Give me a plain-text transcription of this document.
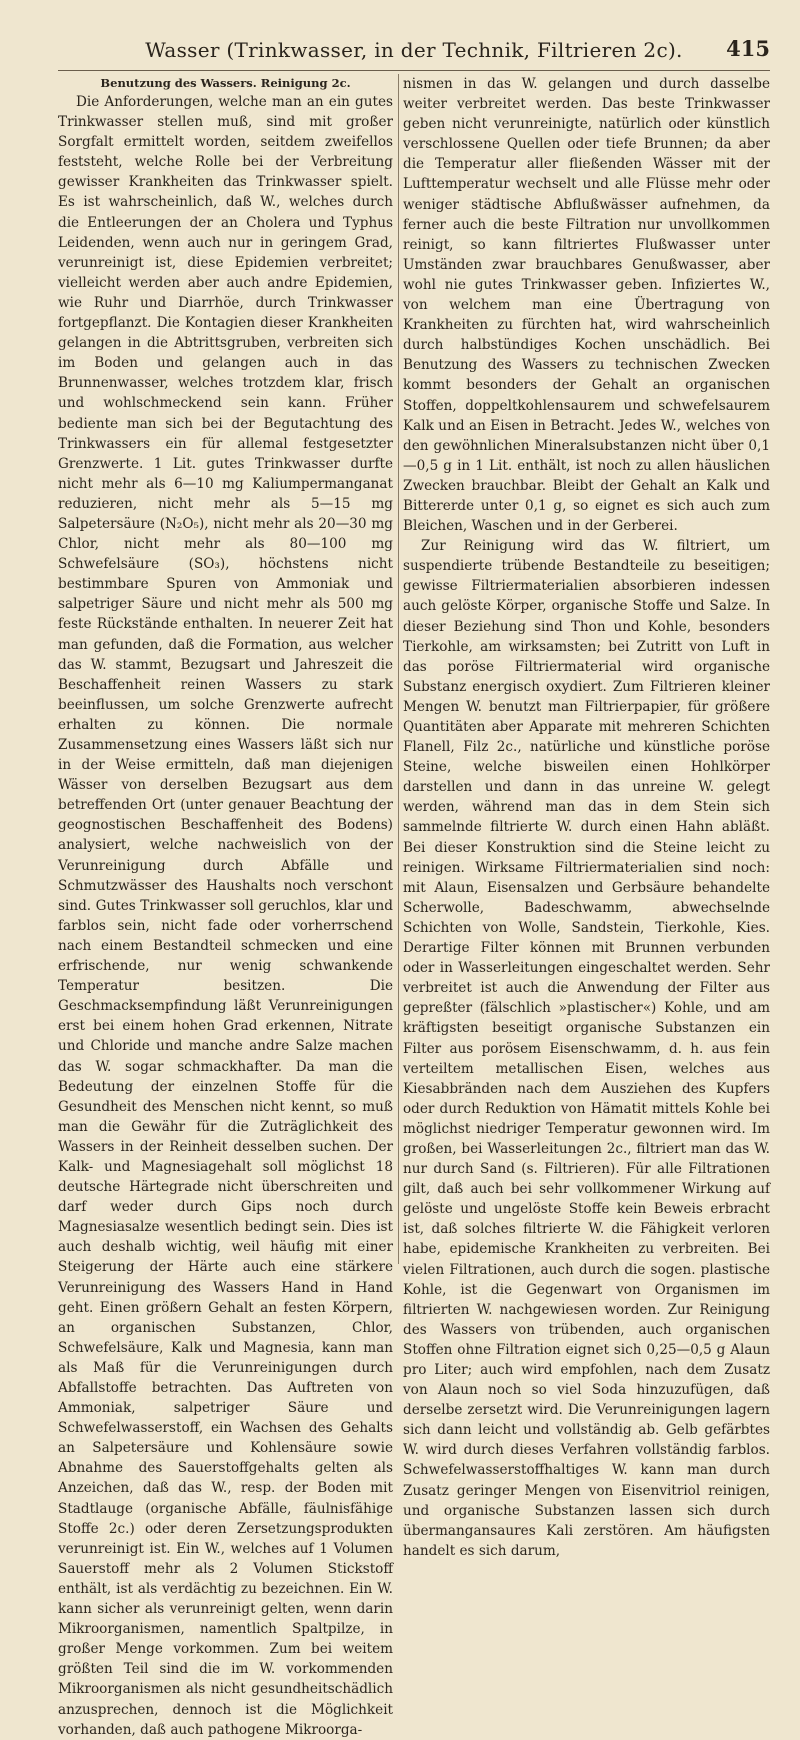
Wasser (Trinkwasser, in der Technik, Filtrieren 2c).	415
Benutzung des Wassers. Reinigung 2c.

Die Anforderungen, welche man an ein gutes Trinkwasser stellen muß, sind mit großer Sorgfalt ermittelt worden, seitdem zweifellos feststeht, welche Rolle bei der Verbreitung gewisser Krankheiten das Trinkwasser spielt. Es ist wahrscheinlich, daß W., welches durch die Entleerungen der an Cholera und Typhus Leidenden, wenn auch nur in geringem Grad, verunreinigt ist, diese Epidemien verbreitet; vielleicht werden aber auch andre Epidemien, wie Ruhr und Diarrhöe, durch Trinkwasser fortgepflanzt. Die Kontagien dieser Krankheiten gelangen in die Abtrittsgruben, verbreiten sich im Boden und gelangen auch in das Brunnenwasser, welches trotzdem klar, frisch und wohlschmeckend sein kann. Früher bediente man sich bei der Begutachtung des Trinkwassers ein für allemal festgesetzter Grenzwerte. 1 Lit. gutes Trinkwasser durfte nicht mehr als 6—10 mg Kaliumpermanganat reduzieren, nicht mehr als 5—15 mg Salpetersäure (N₂O₅), nicht mehr als 20—30 mg Chlor, nicht mehr als 80—100 mg Schwefelsäure (SO₃), höchstens nicht bestimmbare Spuren von Ammoniak und salpetriger Säure und nicht mehr als 500 mg feste Rückstände enthalten. In neuerer Zeit hat man gefunden, daß die Formation, aus welcher das W. stammt, Bezugsart und Jahreszeit die Beschaffenheit reinen Wassers zu stark beeinflussen, um solche Grenzwerte aufrecht erhalten zu können. Die normale Zusammensetzung eines Wassers läßt sich nur in der Weise ermitteln, daß man diejenigen Wässer von derselben Bezugsart aus dem betreffenden Ort (unter genauer Beachtung der geognostischen Beschaffenheit des Bodens) analysiert, welche nachweislich von der Verunreinigung durch Abfälle und Schmutzwässer des Haushalts noch verschont sind. Gutes Trinkwasser soll geruchlos, klar und farblos sein, nicht fade oder vorherrschend nach einem Bestandteil schmecken und eine erfrischende, nur wenig schwankende Temperatur besitzen. Die Geschmacksempfindung läßt Verunreinigungen erst bei einem hohen Grad erkennen, Nitrate und Chloride und manche andre Salze machen das W. sogar schmackhafter. Da man die Bedeutung der einzelnen Stoffe für die Gesundheit des Menschen nicht kennt, so muß man die Gewähr für die Zuträglichkeit des Wassers in der Reinheit desselben suchen. Der Kalk- und Magnesiagehalt soll möglichst 18 deutsche Härtegrade nicht überschreiten und darf weder durch Gips noch durch Magnesiasalze wesentlich bedingt sein. Dies ist auch deshalb wichtig, weil häufig mit einer Steigerung der Härte auch eine stärkere Verunreinigung des Wassers Hand in Hand geht. Einen größern Gehalt an festen Körpern, an organischen Substanzen, Chlor, Schwefelsäure, Kalk und Magnesia, kann man als Maß für die Verunreinigungen durch Abfallstoffe betrachten. Das Auftreten von Ammoniak, salpetriger Säure und Schwefelwasserstoff, ein Wachsen des Gehalts an Salpetersäure und Kohlensäure sowie Abnahme des Sauerstoffgehalts gelten als Anzeichen, daß das W., resp. der Boden mit Stadtlauge (organische Abfälle, fäulnisfähige Stoffe 2c.) oder deren Zersetzungsprodukten verunreinigt ist. Ein W., welches auf 1 Volumen Sauerstoff mehr als 2 Volumen Stickstoff enthält, ist als verdächtig zu bezeichnen. Ein W. kann sicher als verunreinigt gelten, wenn darin Mikroorganismen, namentlich Spaltpilze, in großer Menge vorkommen. Zum bei weitem größten Teil sind die im W. vorkommenden Mikroorganismen als nicht gesundheitschädlich anzusprechen, dennoch ist die Möglichkeit vorhanden, daß auch pathogene Mikroorga-

nismen in das W. gelangen und durch dasselbe weiter verbreitet werden. Das beste Trinkwasser geben nicht verunreinigte, natürlich oder künstlich verschlossene Quellen oder tiefe Brunnen; da aber die Temperatur aller fließenden Wässer mit der Lufttemperatur wechselt und alle Flüsse mehr oder weniger städtische Abflußwässer aufnehmen, da ferner auch die beste Filtration nur unvollkommen reinigt, so kann filtriertes Flußwasser unter Umständen zwar brauchbares Genußwasser, aber wohl nie gutes Trinkwasser geben. Infiziertes W., von welchem man eine Übertragung von Krankheiten zu fürchten hat, wird wahrscheinlich durch halbstündiges Kochen unschädlich. Bei Benutzung des Wassers zu technischen Zwecken kommt besonders der Gehalt an organischen Stoffen, doppeltkohlensaurem und schwefelsaurem Kalk und an Eisen in Betracht. Jedes W., welches von den gewöhnlichen Mineralsubstanzen nicht über 0,1—0,5 g in 1 Lit. enthält, ist noch zu allen häuslichen Zwecken brauchbar. Bleibt der Gehalt an Kalk und Bittererde unter 0,1 g, so eignet es sich auch zum Bleichen, Waschen und in der Gerberei.

Zur Reinigung wird das W. filtriert, um suspendierte trübende Bestandteile zu beseitigen; gewisse Filtriermaterialien absorbieren indessen auch gelöste Körper, organische Stoffe und Salze. In dieser Beziehung sind Thon und Kohle, besonders Tierkohle, am wirksamsten; bei Zutritt von Luft in das poröse Filtriermaterial wird organische Substanz energisch oxydiert. Zum Filtrieren kleiner Mengen W. benutzt man Filtrierpapier, für größere Quantitäten aber Apparate mit mehreren Schichten Flanell, Filz 2c., natürliche und künstliche poröse Steine, welche bisweilen einen Hohlkörper darstellen und dann in das unreine W. gelegt werden, während man das in dem Stein sich sammelnde filtrierte W. durch einen Hahn abläßt. Bei dieser Konstruktion sind die Steine leicht zu reinigen. Wirksame Filtriermaterialien sind noch: mit Alaun, Eisensalzen und Gerbsäure behandelte Scherwolle, Badeschwamm, abwechselnde Schichten von Wolle, Sandstein, Tierkohle, Kies. Derartige Filter können mit Brunnen verbunden oder in Wasserleitungen eingeschaltet werden. Sehr verbreitet ist auch die Anwendung der Filter aus gepreßter (fälschlich »plastischer«) Kohle, und am kräftigsten beseitigt organische Substanzen ein Filter aus porösem Eisenschwamm, d. h. aus fein verteiltem metallischen Eisen, welches aus Kiesabbränden nach dem Ausziehen des Kupfers oder durch Reduktion von Hämatit mittels Kohle bei möglichst niedriger Temperatur gewonnen wird. Im großen, bei Wasserleitungen 2c., filtriert man das W. nur durch Sand (s. Filtrieren). Für alle Filtrationen gilt, daß auch bei sehr vollkommener Wirkung auf gelöste und ungelöste Stoffe kein Beweis erbracht ist, daß solches filtrierte W. die Fähigkeit verloren habe, epidemische Krankheiten zu verbreiten. Bei vielen Filtrationen, auch durch die sogen. plastische Kohle, ist die Gegenwart von Organismen im filtrierten W. nachgewiesen worden. Zur Reinigung des Wassers von trübenden, auch organischen Stoffen ohne Filtration eignet sich 0,25—0,5 g Alaun pro Liter; auch wird empfohlen, nach dem Zusatz von Alaun noch so viel Soda hinzuzufügen, daß derselbe zersetzt wird. Die Verunreinigungen lagern sich dann leicht und vollständig ab. Gelb gefärbtes W. wird durch dieses Verfahren vollständig farblos. Schwefelwasserstoffhaltiges W. kann man durch Zusatz geringer Mengen von Eisenvitriol reinigen, und organische Substanzen lassen sich durch übermangansaures Kali zerstören. Am häufigsten handelt es sich darum,
